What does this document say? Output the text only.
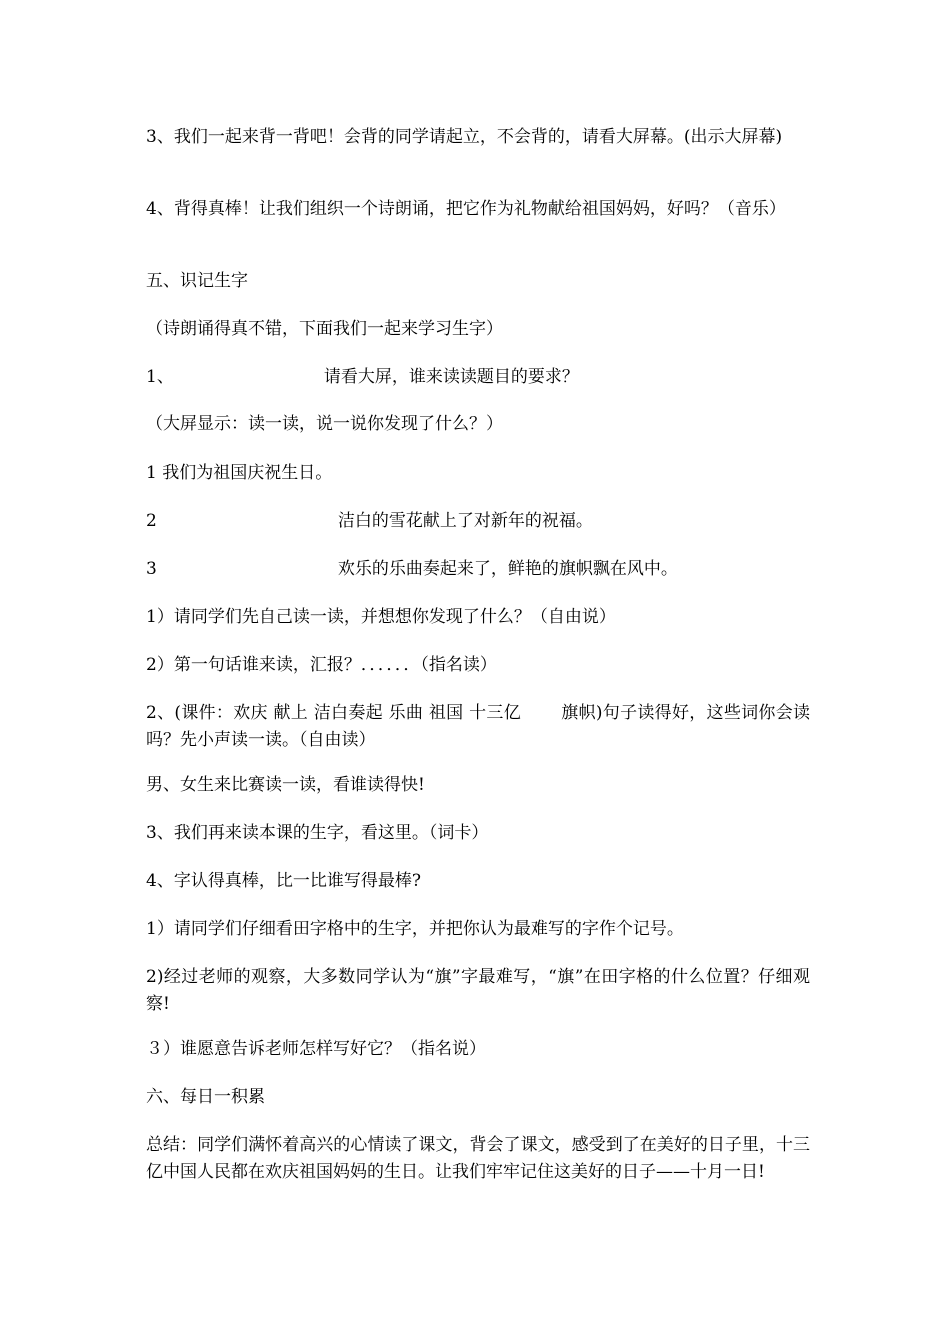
3、我们一起来背一背吧！会背的同学请起立，不会背的，请看大屏幕。(出示大屏幕)

4、背得真棒！让我们组织一个诗朗诵，把它作为礼物献给祖国妈妈，好吗？（音乐）

五、识记生字

（诗朗诵得真不错，下面我们一起来学习生字）

1、	请看大屏，谁来读读题目的要求？

（大屏显示：读一读，说一说你发现了什么？）

1 我们为祖国庆祝生日。

2	洁白的雪花献上了对新年的祝福。

3	欢乐的乐曲奏起来了，鲜艳的旗帜飘在风中。

1）请同学们先自己读一读，并想想你发现了什么？（自由说）

2）第一句话谁来读，汇报？．．．．．．（指名读）

2、(课件：欢庆 献上 洁白奏起 乐曲 祖国 十三亿 旗帜)句子读得好，这些词你会读吗？先小声读一读。（自由读）

男、女生来比赛读一读，看谁读得快!

3、我们再来读本课的生字，看这里。（词卡）

4、字认得真棒，比一比谁写得最棒?

1）请同学们仔细看田字格中的生字，并把你认为最难写的字作个记号。

2)经过老师的观察，大多数同学认为“旗”字最难写，“旗”在田字格的什么位置？仔细观察!

３）谁愿意告诉老师怎样写好它？（指名说）

六、每日一积累

总结：同学们满怀着高兴的心情读了课文，背会了课文，感受到了在美好的日子里，十三亿中国人民都在欢庆祖国妈妈的生日。让我们牢牢记住这美好的日子——十月一日!
